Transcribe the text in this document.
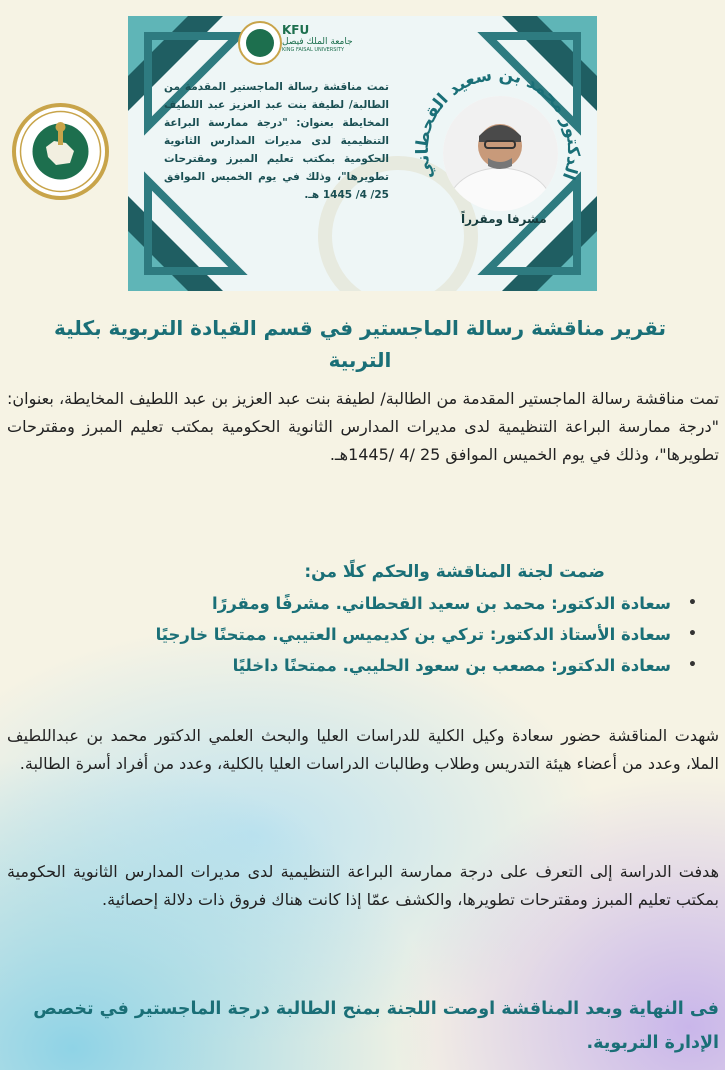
KFU
جامعة الملك فيصل
KING FAISAL UNIVERSITY
تمت مناقشة رسالة الماجستير المقدمة من الطالبة/ لطيفة بنت عبد العزيز عبد اللطيف المخايطة بعنوان: "درجة ممارسة البراعة التنظيمية لدى مديرات المدارس الثانوية الحكومية بمكتب تعليم المبرز ومقترحات تطويرها"، وذلك في يوم الخميس الموافق 25/ 4/ 1445 هـ.
الدكتور محمد بن سعيد القحطاني
مشرفا ومقرراً
تقرير مناقشة رسالة الماجستير في قسم القيادة التربوية بكلية التربية
تمت مناقشة رسالة الماجستير المقدمة من الطالبة/ لطيفة بنت عبد العزيز بن عبد اللطيف المخايطة، بعنوان: "درجة ممارسة البراعة التنظيمية لدى مديرات المدارس الثانوية الحكومية بمكتب تعليم المبرز ومقترحات تطويرها"، وذلك في يوم الخميس الموافق 25 /4 /1445هـ.
ضمت لجنة المناقشة والحكم كلًا من:
•
سعادة الدكتور: محمد بن سعيد القحطاني. مشرفًا ومقررًا
•
سعادة الأستاذ الدكتور: تركي بن كديميس العتيبي. ممتحنًا خارجيًا
•
سعادة الدكتور: مصعب بن سعود الحليبي. ممتحنًا داخليًا
شهدت المناقشة حضور سعادة وكيل الكلية للدراسات العليا والبحث العلمي الدكتور محمد بن عبداللطيف الملا، وعدد من أعضاء هيئة التدريس وطلاب وطالبات الدراسات العليا بالكلية، وعدد من أفراد أسرة الطالبة.
هدفت الدراسة إلى التعرف على درجة ممارسة البراعة التنظيمية لدى مديرات المدارس الثانوية الحكومية بمكتب تعليم المبرز ومقترحات تطويرها، والكشف عمّا إذا كانت هناك فروق ذات دلالة إحصائية.
فى النهاية وبعد المناقشة اوصت اللجنة بمنح الطالبة درجة الماجستير في تخصص الإدارة التربوية.
